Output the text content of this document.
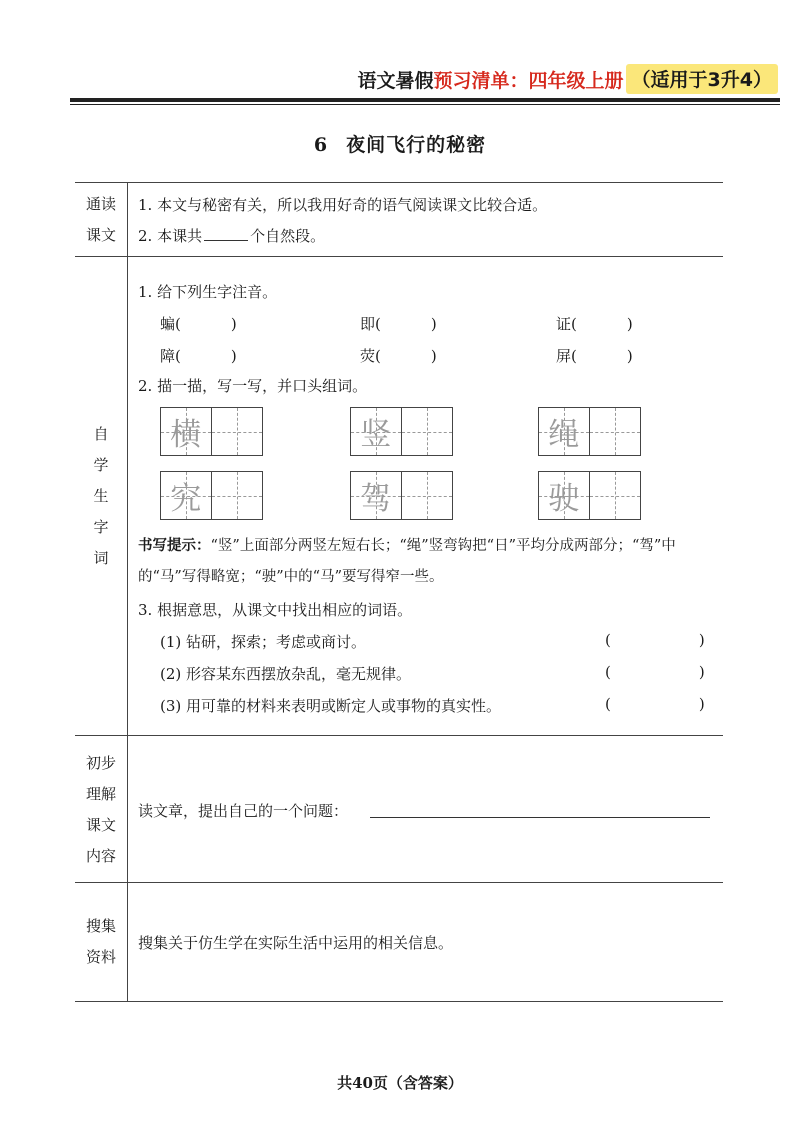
语文暑假 预习清单：四年级上册 （适用于3升4）
6 夜间飞行的秘密
通读
课文
1. 本文与秘密有关，所以我用好奇的语气阅读课文比较合适。
2. 本课共	个自然段。
自
学
生
字
词
1. 给下列生字注音。
蝙(	)	即(	)	证(	)
障(	)	荧(	)	屏(	)
2. 描一描，写一写，并口头组词。
横	竖	绳
究	驾	驶
书写提示：“竖”上面部分两竖左短右长；“绳”竖弯钩把“日”平均分成两部分；“驾”中的“马”写得略宽；“驶”中的“马”要写得窄一些。
3. 根据意思，从课文中找出相应的词语。
(1) 钻研，探索；考虑或商讨。	(	)
(2) 形容某东西摆放杂乱，毫无规律。	(	)
(3) 用可靠的材料来表明或断定人或事物的真实性。	(	)
初步
理解
课文
内容
读文章，提出自己的一个问题：
搜集
资料
搜集关于仿生学在实际生活中运用的相关信息。
共40页（含答案）
